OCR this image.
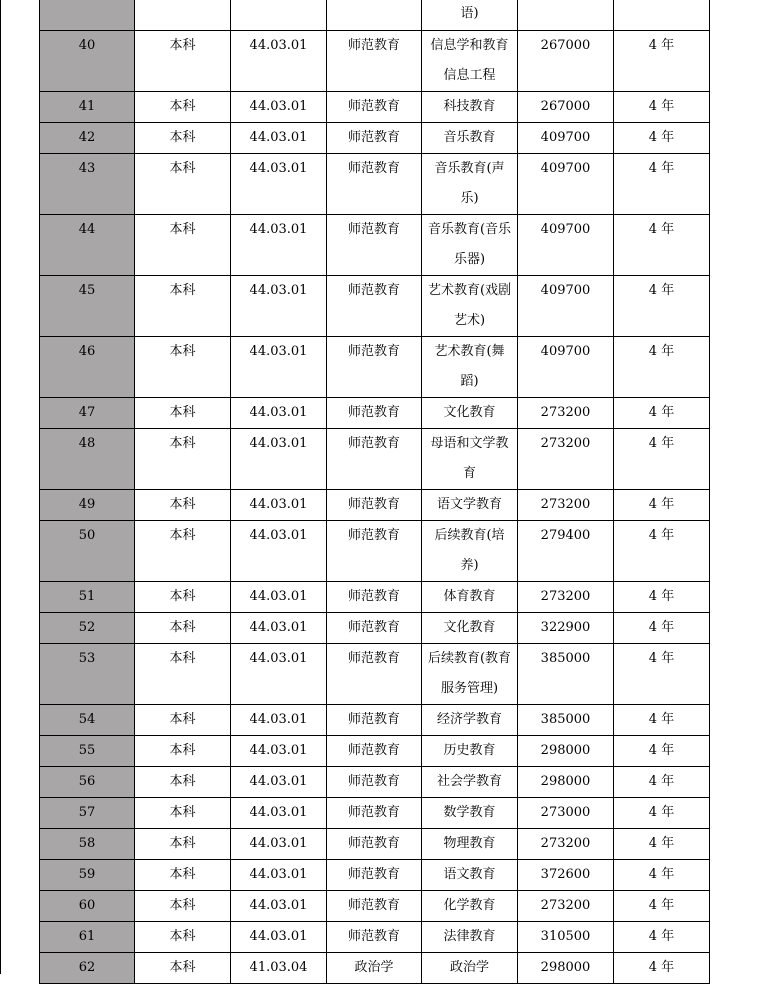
				语)		
40	本科	44.03.01	师范教育	信息学和教育信息工程	267000	4 年
41	本科	44.03.01	师范教育	科技教育	267000	4 年
42	本科	44.03.01	师范教育	音乐教育	409700	4 年
43	本科	44.03.01	师范教育	音乐教育(声乐)	409700	4 年
44	本科	44.03.01	师范教育	音乐教育(音乐乐器)	409700	4 年
45	本科	44.03.01	师范教育	艺术教育(戏剧艺术)	409700	4 年
46	本科	44.03.01	师范教育	艺术教育(舞蹈)	409700	4 年
47	本科	44.03.01	师范教育	文化教育	273200	4 年
48	本科	44.03.01	师范教育	母语和文学教育	273200	4 年
49	本科	44.03.01	师范教育	语文学教育	273200	4 年
50	本科	44.03.01	师范教育	后续教育(培养)	279400	4 年
51	本科	44.03.01	师范教育	体育教育	273200	4 年
52	本科	44.03.01	师范教育	文化教育	322900	4 年
53	本科	44.03.01	师范教育	后续教育(教育服务管理)	385000	4 年
54	本科	44.03.01	师范教育	经济学教育	385000	4 年
55	本科	44.03.01	师范教育	历史教育	298000	4 年
56	本科	44.03.01	师范教育	社会学教育	298000	4 年
57	本科	44.03.01	师范教育	数学教育	273000	4 年
58	本科	44.03.01	师范教育	物理教育	273200	4 年
59	本科	44.03.01	师范教育	语文教育	372600	4 年
60	本科	44.03.01	师范教育	化学教育	273200	4 年
61	本科	44.03.01	师范教育	法律教育	310500	4 年
62	本科	41.03.04	政治学	政治学	298000	4 年
